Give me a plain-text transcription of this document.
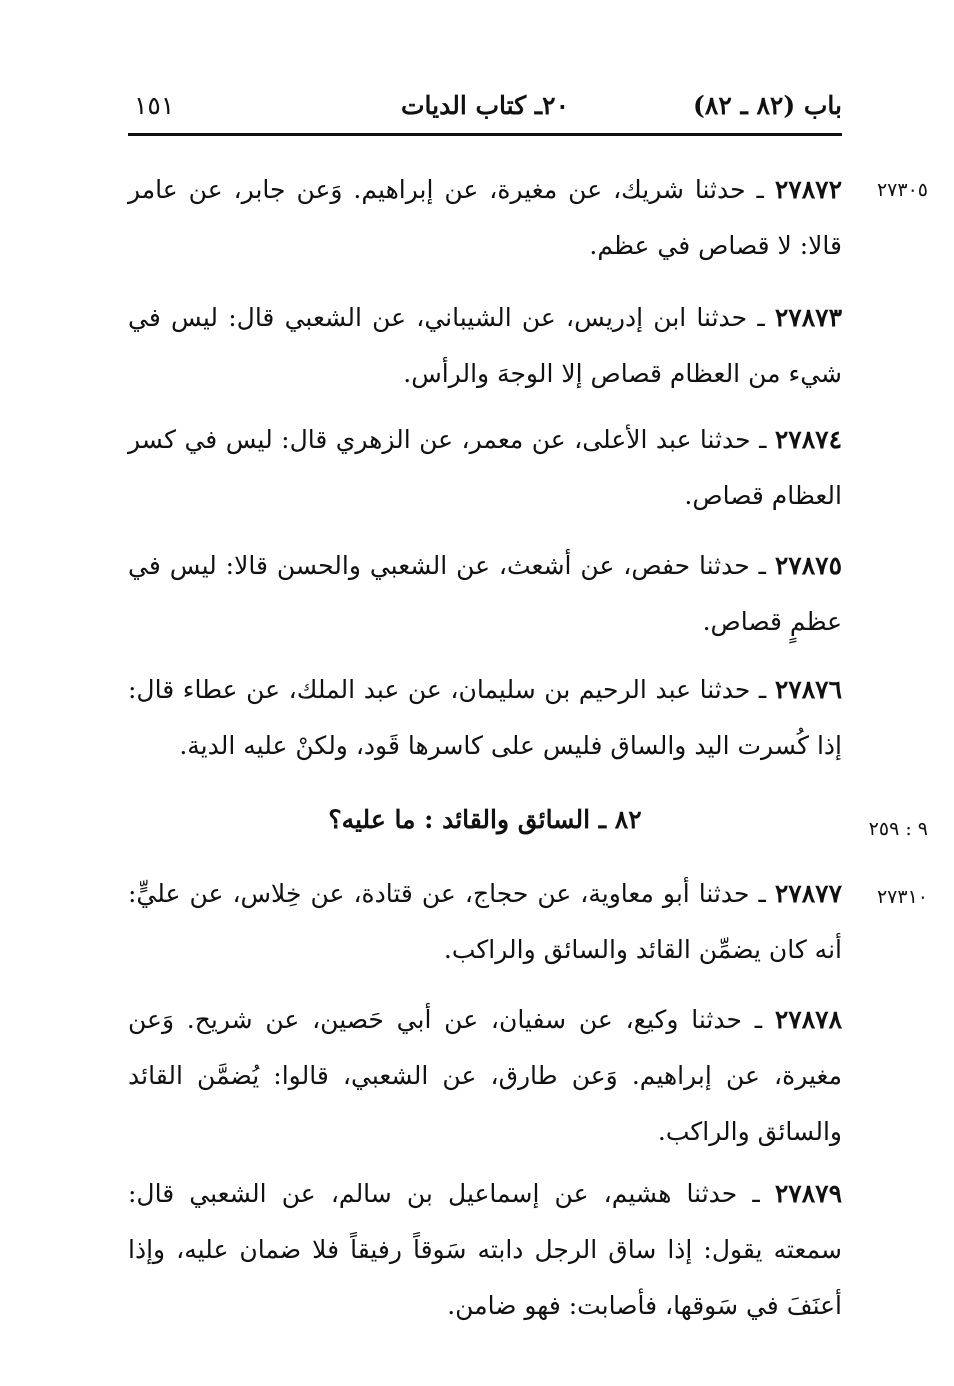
باب (٨٢ ـ ٨٢)
٢٠ـ كتاب الديات
١٥١
٢٧٣٠٥
٩ : ٢٥٩
٢٧٣١٠

٢٧٨٧٢ ـ حدثنا شريك، عن مغيرة، عن إبراهيم. وَعن جابر، عن عامر قالا: لا قصاص في عظم.

٢٧٨٧٣ ـ حدثنا ابن إدريس، عن الشيباني، عن الشعبي قال: ليس في شيء من العظام قصاص إلا الوجهَ والرأس.

٢٧٨٧٤ ـ حدثنا عبد الأعلى، عن معمر، عن الزهري قال: ليس في كسر العظام قصاص.

٢٧٨٧٥ ـ حدثنا حفص، عن أشعث، عن الشعبي والحسن قالا: ليس في عظمٍ قصاص.

٢٧٨٧٦ ـ حدثنا عبد الرحيم بن سليمان، عن عبد الملك، عن عطاء قال: إذا كُسرت اليد والساق فليس على كاسرها قَود، ولكنْ عليه الدية.

٨٢ ـ السائق والقائد : ما عليه؟

٢٧٨٧٧ ـ حدثنا أبو معاوية، عن حجاج، عن قتادة، عن خِلاس، عن عليٍّ: أنه كان يضمِّن القائد والسائق والراكب.

٢٧٨٧٨ ـ حدثنا وكيع، عن سفيان، عن أبي حَصين، عن شريح. وَعن مغيرة، عن إبراهيم. وَعن طارق، عن الشعبي، قالوا: يُضمَّن القائد والسائق والراكب.

٢٧٨٧٩ ـ حدثنا هشيم، عن إسماعيل بن سالم، عن الشعبي قال: سمعته يقول: إذا ساق الرجل دابته سَوقاً رفيقاً فلا ضمان عليه، وإذا أعنَفَ في سَوقها، فأصابت: فهو ضامن.
